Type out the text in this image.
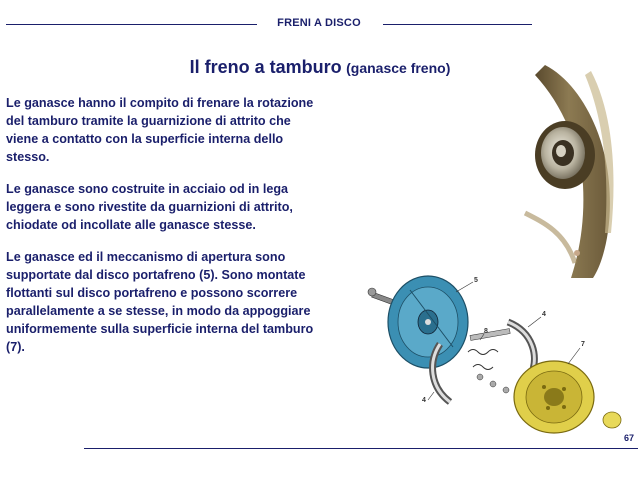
FRENI A DISCO
Il freno a tamburo (ganasce freno)

Le ganasce hanno il compito di frenare la rotazione del tamburo tramite la guarnizione di attrito che viene a contatto con la superficie interna dello stesso.

Le ganasce sono costruite in acciaio od in lega leggera e sono rivestite da guarnizioni di attrito, chiodate od incollate alle ganasce stesse.

Le ganasce ed il meccanismo di apertura sono supportate dal disco portafreno (5). Sono montate flottanti sul disco portafreno e possono scorrere parallelamente a se stesse, in modo da appoggiare uniformemente sulla superficie interna del tamburo (7).

5
4
8
4
7
67
